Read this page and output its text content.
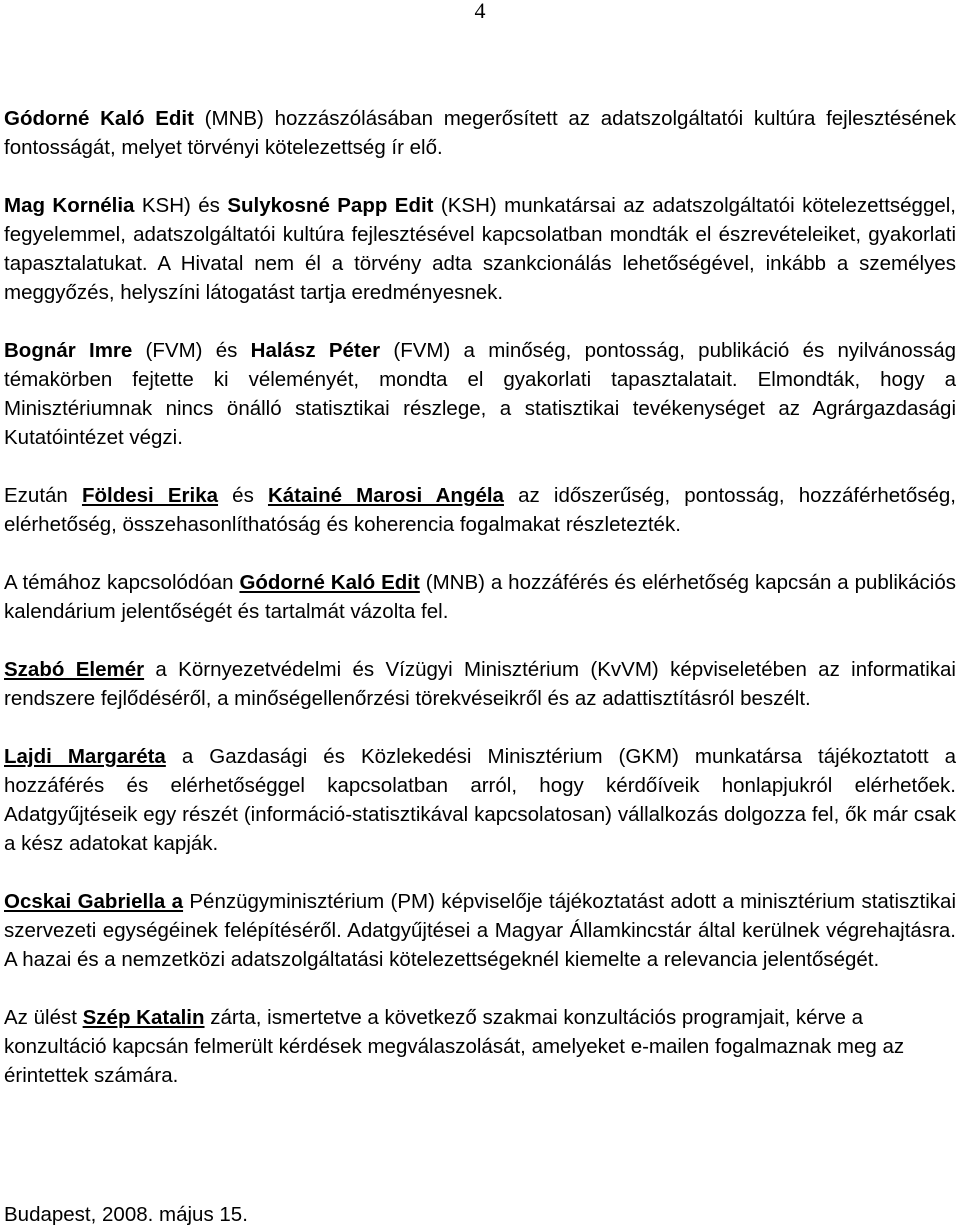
4

Gódorné Kaló Edit (MNB) hozzászólásában megerősített az adatszolgáltatói kultúra fejlesztésének fontosságát, melyet törvényi kötelezettség ír elő.

Mag Kornélia KSH) és Sulykosné Papp Edit (KSH) munkatársai az adatszolgáltatói kötelezettséggel, fegyelemmel, adatszolgáltatói kultúra fejlesztésével kapcsolatban mondták el észrevételeiket, gyakorlati tapasztalatukat. A Hivatal nem él a törvény adta szankcionálás lehetőségével, inkább a személyes meggyőzés, helyszíni látogatást tartja eredményesnek.

Bognár Imre (FVM) és Halász Péter (FVM) a minőség, pontosság, publikáció és nyilvánosság témakörben fejtette ki véleményét, mondta el gyakorlati tapasztalatait. Elmondták, hogy a Minisztériumnak nincs önálló statisztikai részlege, a statisztikai tevékenységet az Agrárgazdasági Kutatóintézet végzi.

Ezután Földesi Erika és Kátainé Marosi Angéla az időszerűség, pontosság, hozzáférhetőség, elérhetőség, összehasonlíthatóság és koherencia fogalmakat részletezték.

A témához kapcsolódóan Gódorné Kaló Edit (MNB) a hozzáférés és elérhetőség kapcsán a publikációs kalendárium jelentőségét és tartalmát vázolta fel.

Szabó Elemér a Környezetvédelmi és Vízügyi Minisztérium (KvVM) képviseletében az informatikai rendszere fejlődéséről, a minőségellenőrzési törekvéseikről és az adattisztításról beszélt.

Lajdi Margaréta a Gazdasági és Közlekedési Minisztérium (GKM) munkatársa tájékoztatott a hozzáférés és elérhetőséggel kapcsolatban arról, hogy kérdőíveik honlapjukról elérhetőek. Adatgyűjtéseik egy részét (információ-statisztikával kapcsolatosan) vállalkozás dolgozza fel, ők már csak a kész adatokat kapják.

Ocskai Gabriella a Pénzügyminisztérium (PM) képviselője tájékoztatást adott a minisztérium statisztikai szervezeti egységéinek felépítéséről. Adatgyűjtései a Magyar Államkincstár által kerülnek végrehajtásra. A hazai és a nemzetközi adatszolgáltatási kötelezettségeknél kiemelte a relevancia jelentőségét.

Az ülést Szép Katalin zárta, ismertetve a következő szakmai konzultációs programjait, kérve a konzultáció kapcsán felmerült kérdések megválaszolását, amelyeket e-mailen fogalmaznak meg az érintettek számára.

Budapest, 2008. május 15.
